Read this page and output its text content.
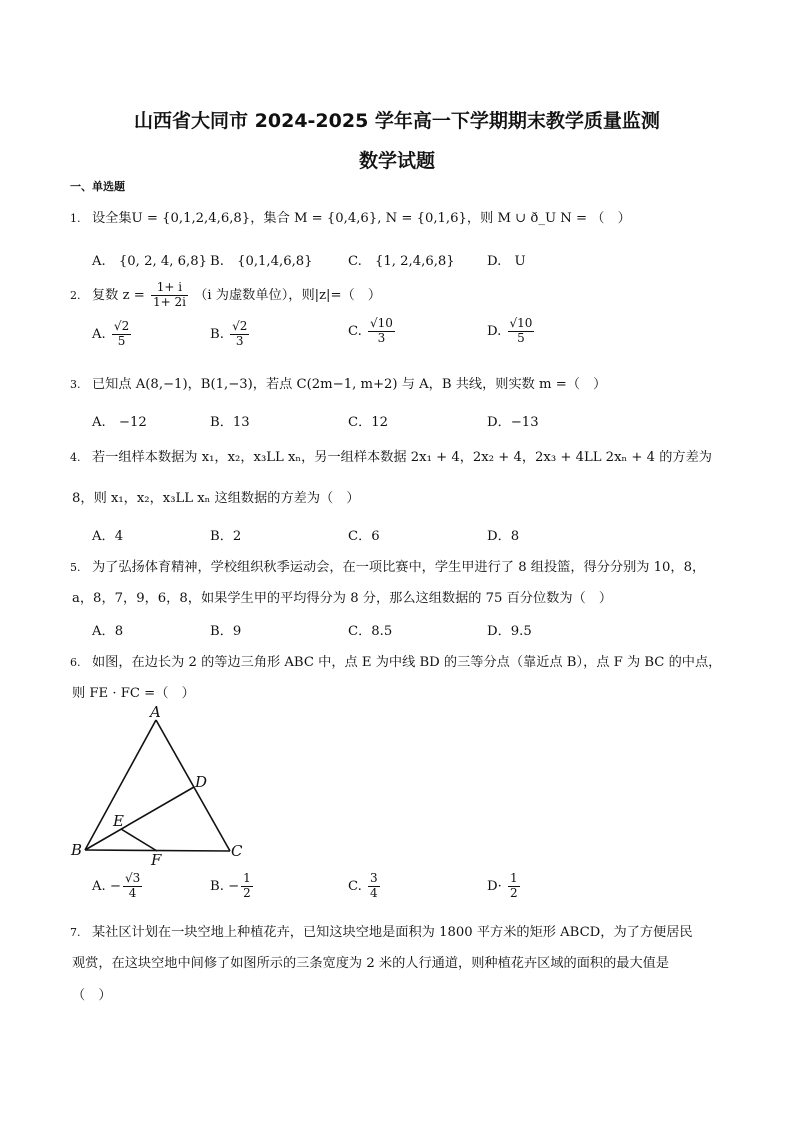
山西省大同市 2024-2025 学年高一下学期期末教学质量监测
数学试题
一、单选题
1. 设全集U = {0,1,2,4,6,8}，集合 M = {0,4,6}, N = {0,1,6}，则 M ∪ ð_U N = （　）
A.　{0, 2, 4, 6,8} B.　{0,1,4,6,8}	C.　{1, 2,4,6,8} D.　U
2. 复数 $z = \frac{1+ i}{1+ 2i} (i$ 为虚数单位），则|z|=（　）
A. $\frac{√2}{5}$	B. $\frac{√2}{3}$	C. $\frac{√10}{3}$	D. $\frac{√10}{5}$
3. 已知点 A(8,−1)，B(1,−3)，若点 C(2m−1, m+2) 与 A，B 共线，则实数 m =（　）
A.　−12	B．13	C．12	D．−13
4. 若一组样本数据为 x₁，x₂，x₃LL xₙ，另一组样本数据 2x₁ + 4，2x₂ + 4，2x₃ + 4LL 2xₙ + 4 的方差为
8，则 x₁，x₂，x₃LL xₙ 这组数据的方差为（　）
A．4	B．2	C．6	D．8
5. 为了弘扬体育精神，学校组织秋季运动会，在一项比赛中，学生甲进行了 8 组投篮，得分分别为 10，8，
a，8，7，9，6，8，如果学生甲的平均得分为 8 分，那么这组数据的 75 百分位数为（　）
A．8	B．9	C．8.5	D．9.5
6. 如图，在边长为 2 的等边三角形 ABC 中，点 E 为中线 BD 的三等分点（靠近点 B），点 F 为 BC 的中点，
则 FE · FC =（　）
A
B	C
D
E
F
A. − $\frac{√3}{4}$	B. − $\frac{1}{2}$	C. $\frac{3}{4}$	$D\cdot \frac{1}{2}$
7. 某社区计划在一块空地上种植花卉，已知这块空地是面积为 1800 平方米的矩形 ABCD，为了方便居民
观赏，在这块空地中间修了如图所示的三条宽度为 2 米的人行通道，则种植花卉区域的面积的最大值是
（　）
